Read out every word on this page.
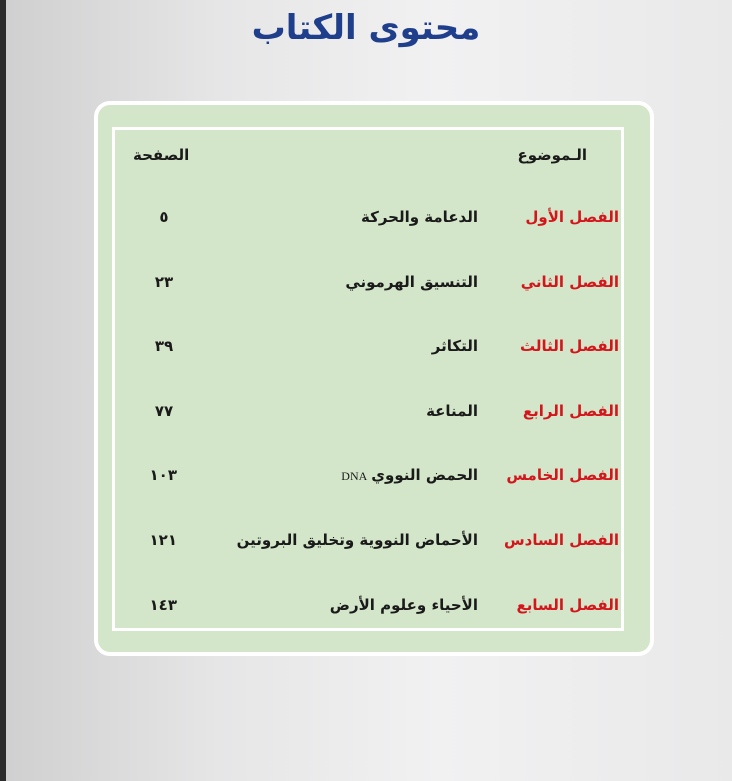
محتوى الكتاب
الـموضوع
الصفحة
الفصل الأول
الدعامة والحركة
٥
الفصل الثاني
التنسيق الهرموني
٢٣
الفصل الثالث
التكاثر
٣٩
الفصل الرابع
المناعة
٧٧
الفصل الخامس
الحمض النوويDNA
١٠٣
الفصل السادس
الأحماض النووية وتخليق البروتين
١٢١
الفصل السابع
الأحياء وعلوم الأرض
١٤٣
